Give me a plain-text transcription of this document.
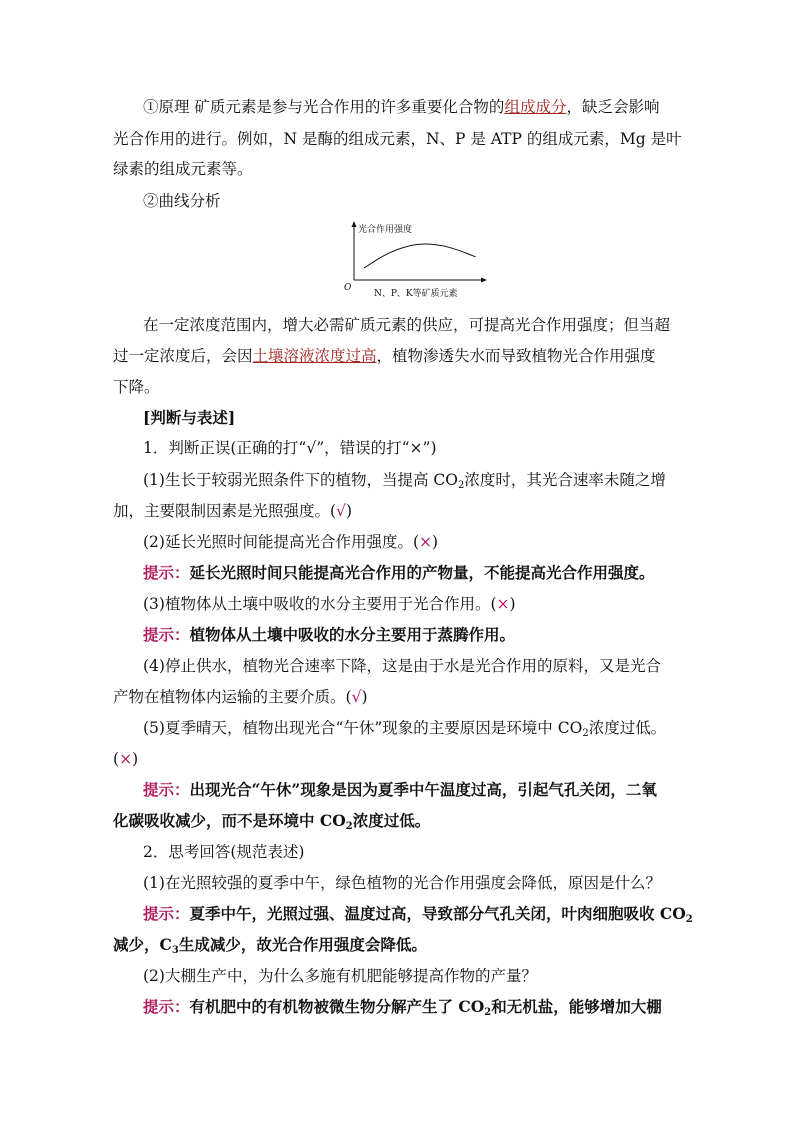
①原理 矿质元素是参与光合作用的许多重要化合物的组成成分，缺乏会影响
光合作用的进行。例如，N 是酶的组成元素，N、P 是 ATP 的组成元素，Mg 是叶
绿素的组成元素等。
②曲线分析
光合作用强度
N、P、K等矿质元素
O
在一定浓度范围内，增大必需矿质元素的供应，可提高光合作用强度；但当超
过一定浓度后，会因土壤溶液浓度过高，植物渗透失水而导致植物光合作用强度
下降。
[判断与表述]
1．判断正误(正确的打“√”，错误的打“×”)
(1)生长于较弱光照条件下的植物，当提高 $CO_2$浓度时，其光合速率未随之增
加，主要限制因素是光照强度。(√)
(2)延长光照时间能提高光合作用强度。(×)
提示：延长光照时间只能提高光合作用的产物量，不能提高光合作用强度。
(3)植物体从土壤中吸收的水分主要用于光合作用。(×)
提示：植物体从土壤中吸收的水分主要用于蒸腾作用。
(4)停止供水，植物光合速率下降，这是由于水是光合作用的原料，又是光合
产物在植物体内运输的主要介质。(√)
(5)夏季晴天，植物出现光合“午休”现象的主要原因是环境中 $CO_2$浓度过低。
(×)
提示：出现光合“午休”现象是因为夏季中午温度过高，引起气孔关闭，二氧
化碳吸收减少，而不是环境中 $CO_2$浓度过低。
2．思考回答(规范表述)
(1)在光照较强的夏季中午，绿色植物的光合作用强度会降低，原因是什么？
提示：夏季中午，光照过强、温度过高，导致部分气孔关闭，叶肉细胞吸收 $CO_2$
减少，$C_3$生成减少，故光合作用强度会降低。
(2)大棚生产中，为什么多施有机肥能够提高作物的产量？
提示：有机肥中的有机物被微生物分解产生了 $CO_2$和无机盐，能够增加大棚
